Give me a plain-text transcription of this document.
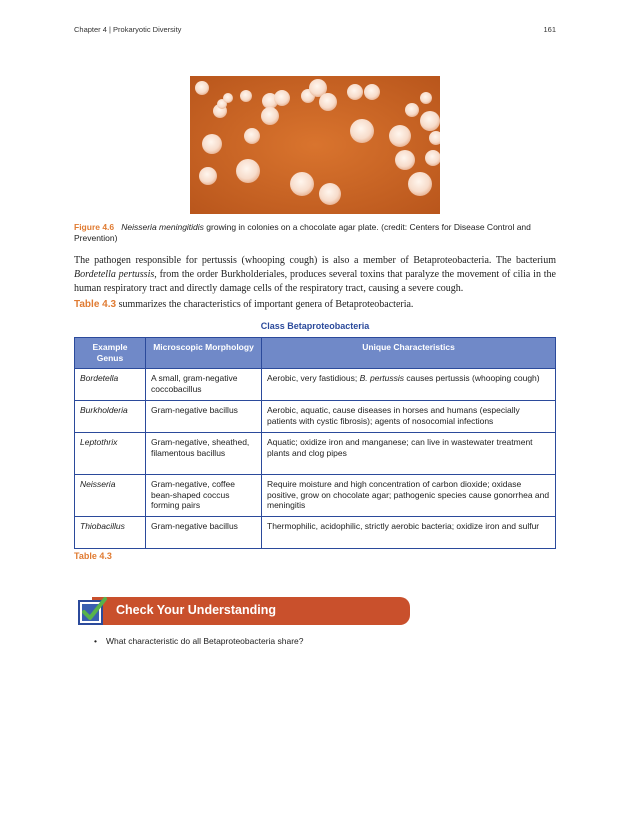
Chapter 4 | Prokaryotic Diversity	161
Figure 4.6 Neisseria meningitidis growing in colonies on a chocolate agar plate. (credit: Centers for Disease Control and Prevention)
The pathogen responsible for pertussis (whooping cough) is also a member of Betaproteobacteria. The bacterium Bordetella pertussis, from the order Burkholderiales, produces several toxins that paralyze the movement of cilia in the human respiratory tract and directly damage cells of the respiratory tract, causing a severe cough.
Table 4.3 summarizes the characteristics of important genera of Betaproteobacteria.
Class Betaproteobacteria
Example Genus	Microscopic Morphology	Unique Characteristics
Bordetella	A small, gram-negative coccobacillus	Aerobic, very fastidious; B. pertussis causes pertussis (whooping cough)
Burkholderia	Gram-negative bacillus	Aerobic, aquatic, cause diseases in horses and humans (especially patients with cystic fibrosis); agents of nosocomial infections
Leptothrix	Gram-negative, sheathed, filamentous bacillus	Aquatic; oxidize iron and manganese; can live in wastewater treatment plants and clog pipes
Neisseria	Gram-negative, coffee bean-shaped coccus forming pairs	Require moisture and high concentration of carbon dioxide; oxidase positive, grow on chocolate agar; pathogenic species cause gonorrhea and meningitis
Thiobacillus	Gram-negative bacillus	Thermophilic, acidophilic, strictly aerobic bacteria; oxidize iron and sulfur
Table 4.3
Check Your Understanding
• What characteristic do all Betaproteobacteria share?
